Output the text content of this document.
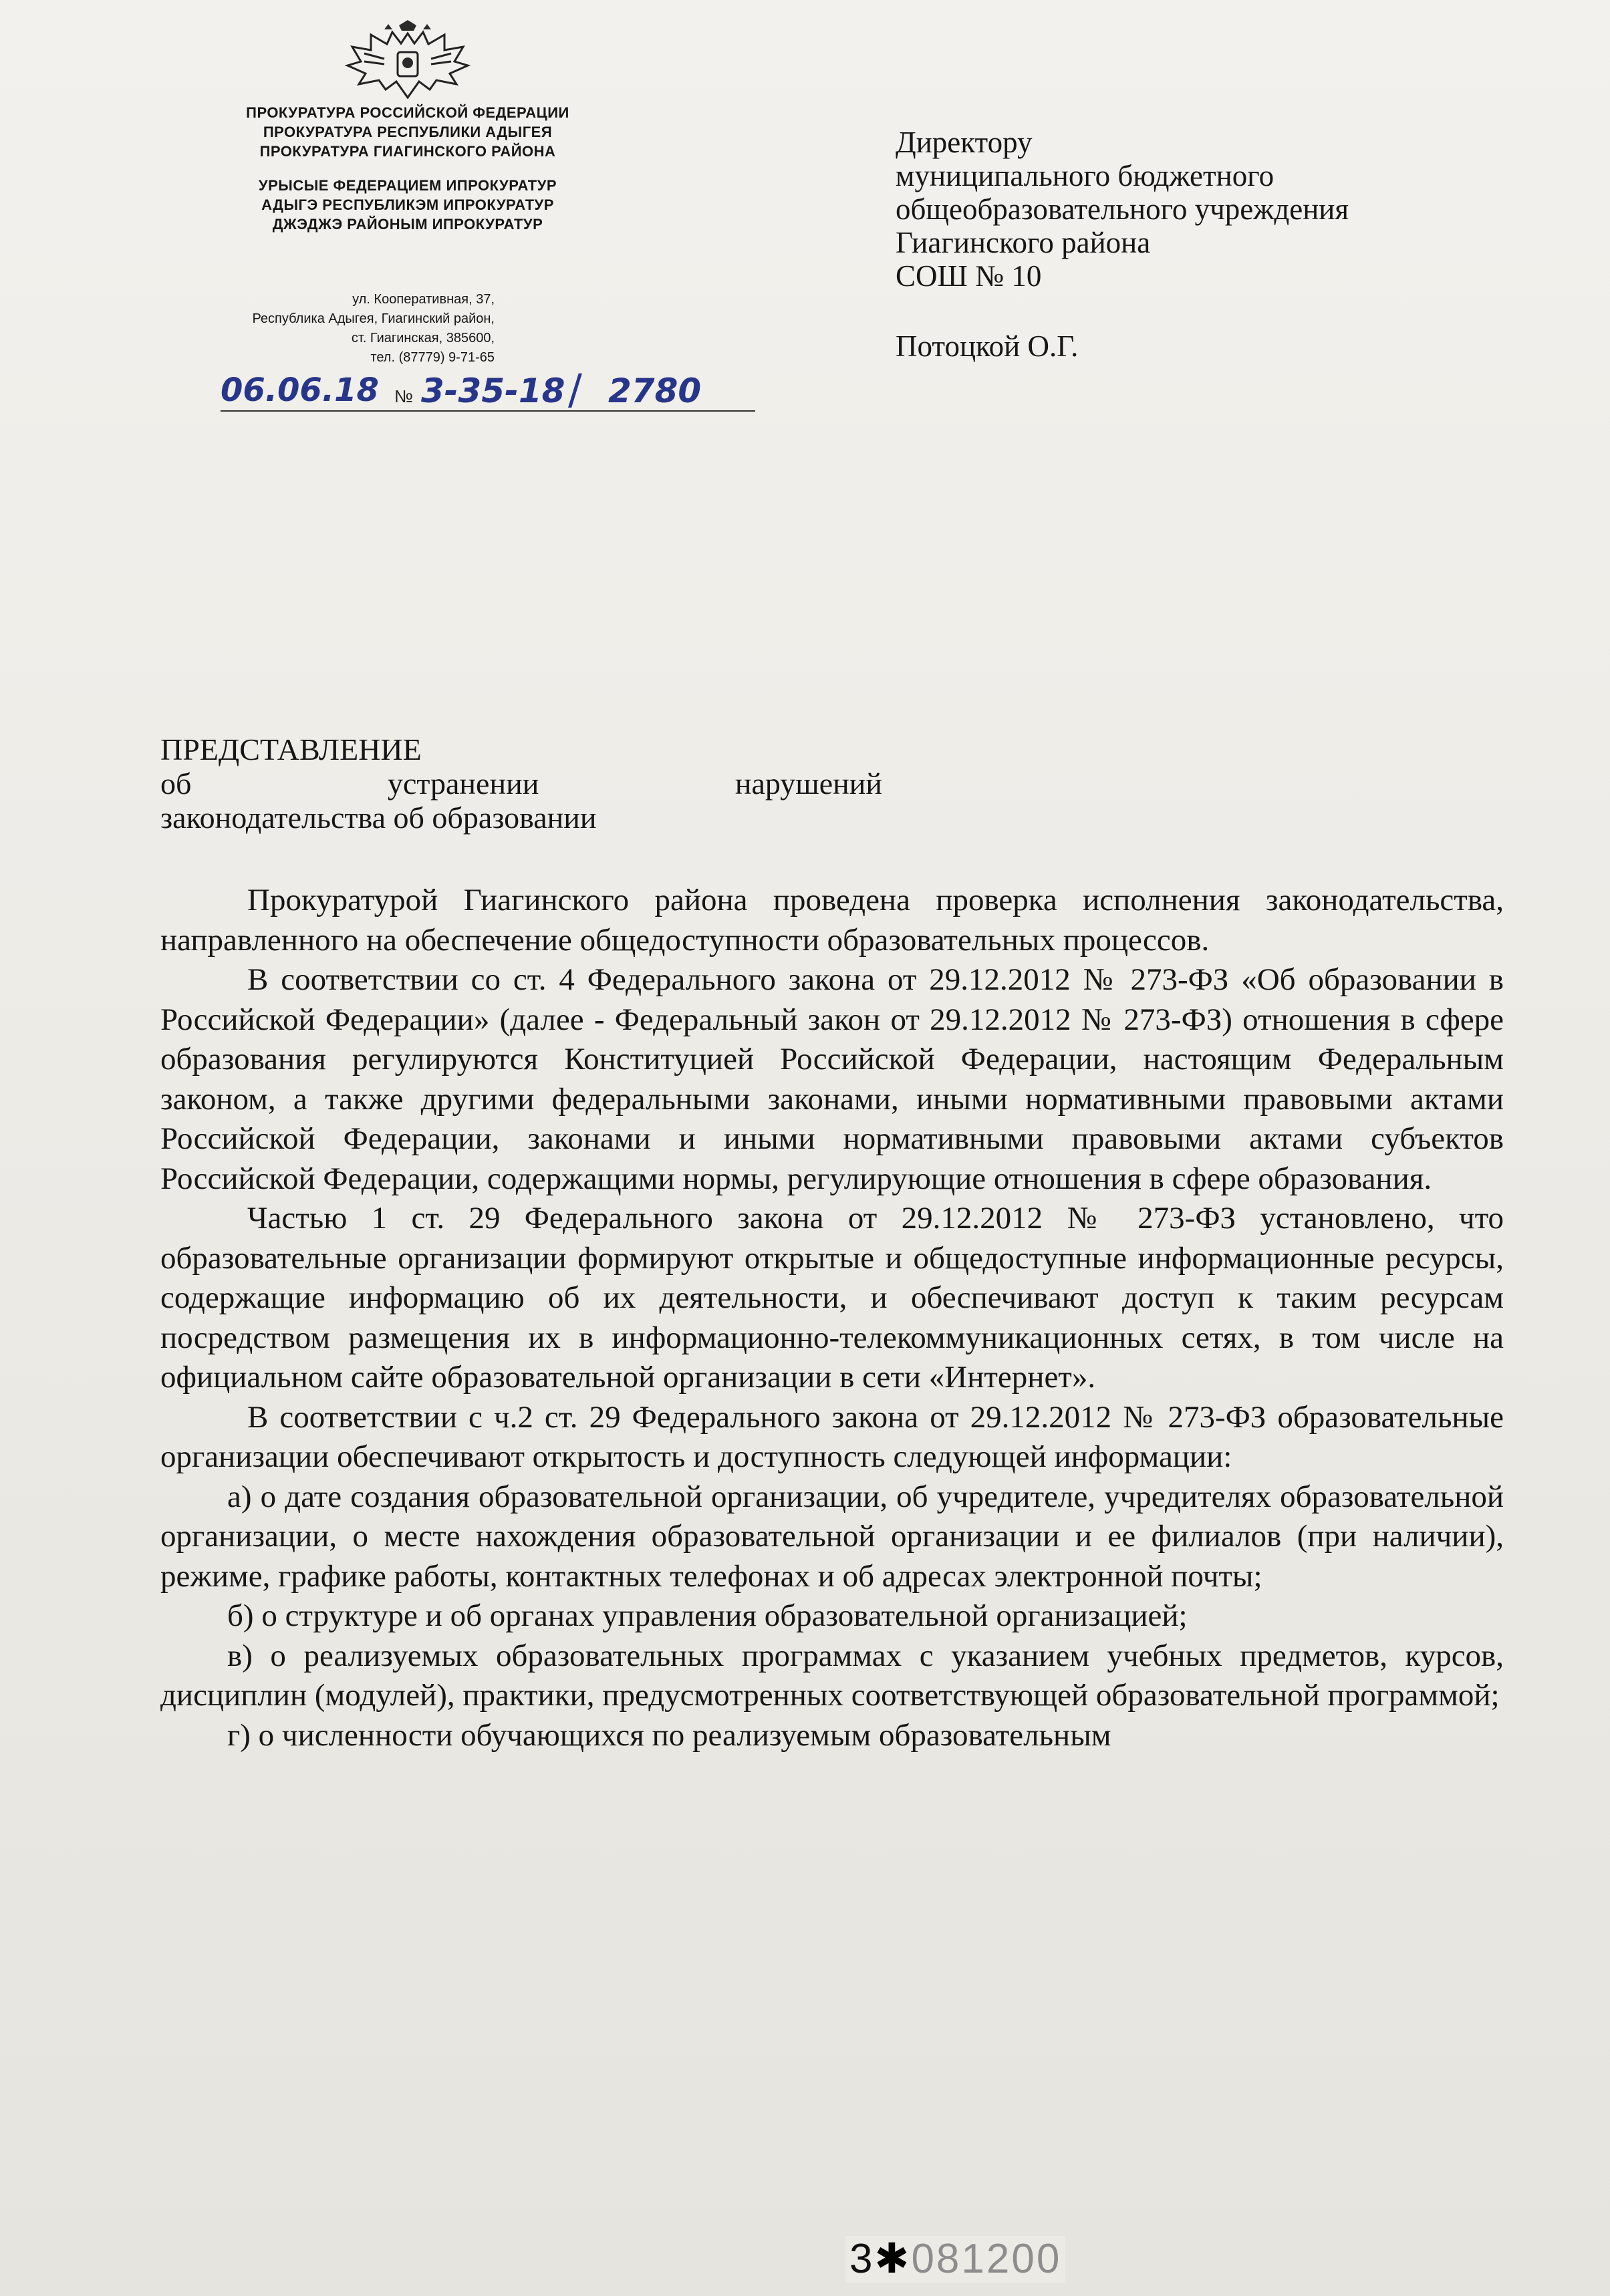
ПРОКУРАТУРА РОССИЙСКОЙ ФЕДЕРАЦИИ
ПРОКУРАТУРА РЕСПУБЛИКИ АДЫГЕЯ
ПРОКУРАТУРА ГИАГИНСКОГО РАЙОНА
УРЫСЫЕ ФЕДЕРАЦИЕМ ИПРОКУРАТУР
АДЫГЭ РЕСПУБЛИКЭМ ИПРОКУРАТУР
ДЖЭДЖЭ РАЙОНЫМ ИПРОКУРАТУР
ул. Кооперативная, 37,
Республика Адыгея, Гиагинский район,
ст. Гиагинская, 385600,
тел. (87779) 9-71-65
06.06.18 № 3-35-18 / 2780
Директору
муниципального бюджетного
общеобразовательного учреждения
Гиагинского района
СОШ № 10
Потоцкой О.Г.
ПРЕДСТАВЛЕНИЕ
об	устранении	нарушений
законодательства об образовании

Прокуратурой Гиагинского района проведена проверка исполнения законодательства, направленного на обеспечение общедоступности образовательных процессов.

В соответствии со ст. 4 Федерального закона от 29.12.2012 № 273-ФЗ «Об образовании в Российской Федерации» (далее - Федеральный закон от 29.12.2012 № 273-ФЗ) отношения в сфере образования регулируются Конституцией Российской Федерации, настоящим Федеральным законом, а также другими федеральными законами, иными нормативными правовыми актами Российской Федерации, законами и иными нормативными правовыми актами субъектов Российской Федерации, содержащими нормы, регулирующие отношения в сфере образования.

Частью 1 ст. 29 Федерального закона от 29.12.2012 № 273-ФЗ установлено, что образовательные организации формируют открытые и общедоступные информационные ресурсы, содержащие информацию об их деятельности, и обеспечивают доступ к таким ресурсам посредством размещения их в информационно-телекоммуникационных сетях, в том числе на официальном сайте образовательной организации в сети «Интернет».

В соответствии с ч.2 ст. 29 Федерального закона от 29.12.2012 № 273-ФЗ образовательные организации обеспечивают открытость и доступность следующей информации:

а) о дате создания образовательной организации, об учредителе, учредителях образовательной организации, о месте нахождения образовательной организации и ее филиалов (при наличии), режиме, графике работы, контактных телефонах и об адресах электронной почты;

б) о структуре и об органах управления образовательной организацией;

в) о реализуемых образовательных программах с указанием учебных предметов, курсов, дисциплин (модулей), практики, предусмотренных соответствующей образовательной программой;

г) о численности обучающихся по реализуемым образовательным

3✱081200
